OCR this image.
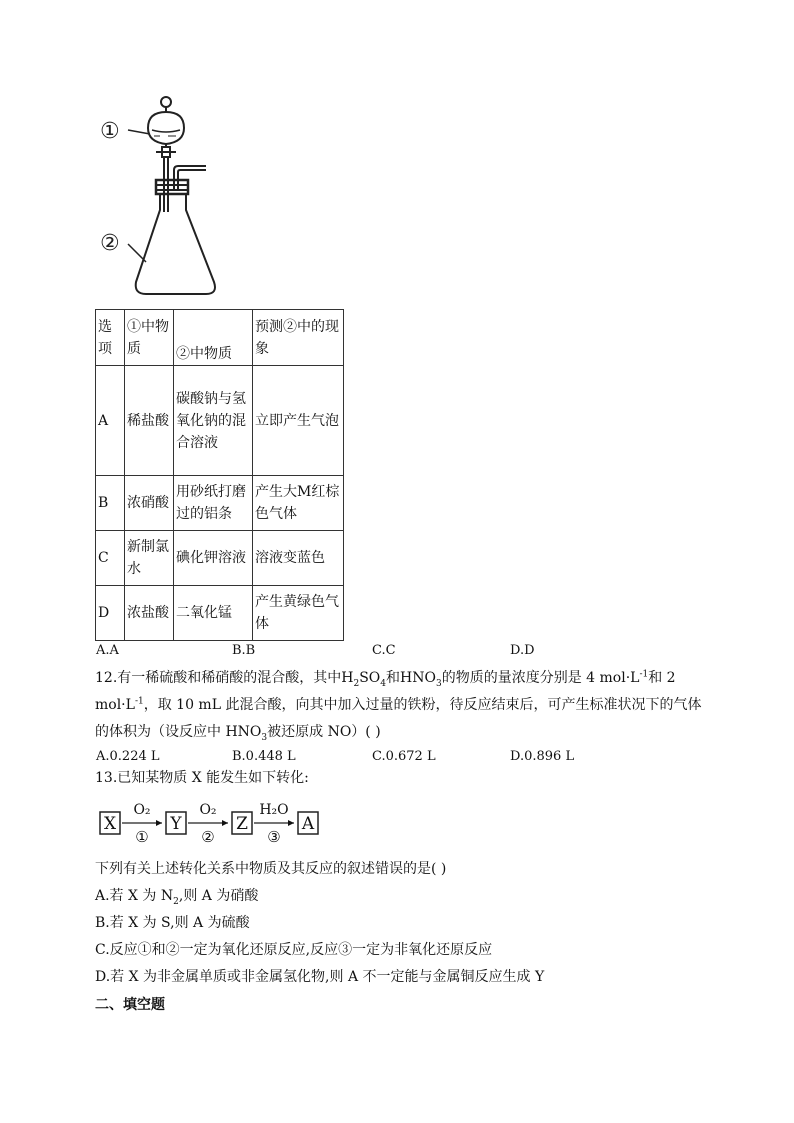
①
②
选项	①中物质	②中物质	预测②中的现象
A	稀盐酸	碳酸钠与氢氧化钠的混合溶液	立即产生气泡
B	浓硝酸	用砂纸打磨过的铝条	产生大M红棕色气体
C	新制氯水	碘化钾溶液	溶液变蓝色
D	浓盐酸	二氧化锰	产生黄绿色气体
A.A	B.B	C.C	D.D
12.有一稀硫酸和稀硝酸的混合酸，其中$H_2SO_4$和$HNO_3$的物质的量浓度分别是 4 $mol\cdot L^{-1}$和 2
$mol\cdot L^{-1}$，取 10 mL 此混合酸，向其中加入过量的铁粉，待反应结束后，可产生标准状况下的气体
的体积为（设反应中 $HNO_3$被还原成 NO）( )
A.0.224 L	B.0.448 L	C.0.672 L	D.0.896 L
13.已知某物质 X 能发生如下转化:
X
O₂
①
Y
O₂
②
Z
H₂O
③
A
下列有关上述转化关系中物质及其反应的叙述错误的是( )
A.若 X 为 $N_2$,则 A 为硝酸
B.若 X 为 S,则 A 为硫酸
C.反应①和②一定为氧化还原反应,反应③一定为非氧化还原反应
D.若 X 为非金属单质或非金属氢化物,则 A 不一定能与金属铜反应生成 Y
二、填空题
